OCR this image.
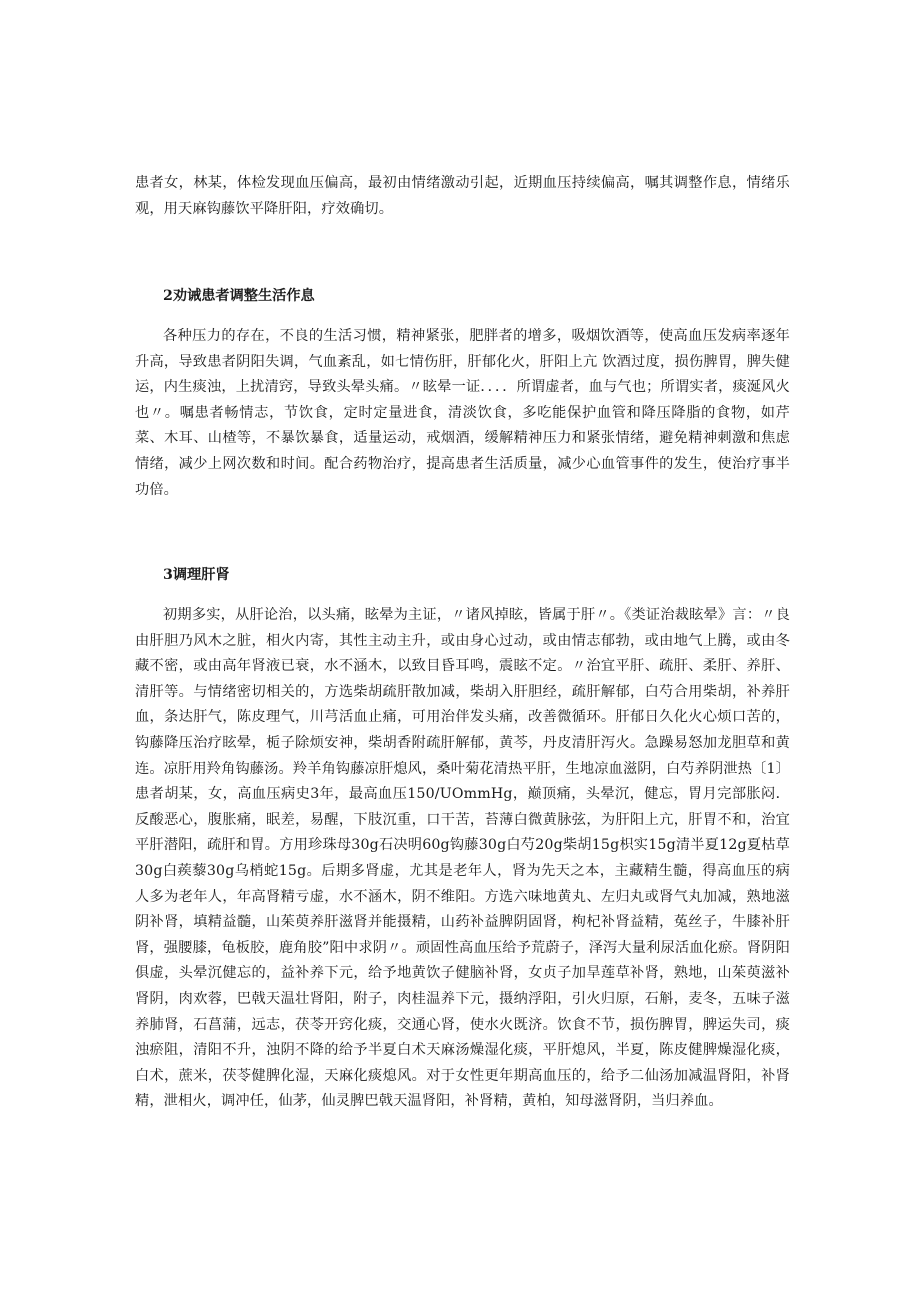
患者女，林某，体检发现血压偏高，最初由情绪激动引起，近期血压持续偏高，嘱其调整作息，情绪乐观，用天麻钩藤饮平降肝阳，疗效确切。

2劝诫患者调整生活作息

各种压力的存在，不良的生活习惯，精神紧张，肥胖者的增多，吸烟饮酒等，使高血压发病率逐年升高，导致患者阴阳失调，气血紊乱，如七情伤肝，肝郁化火，肝阳上亢 饮酒过度，损伤脾胃，脾失健运，内生痰浊，上扰清窍，导致头晕头痛。〃眩晕一证．．．．所谓虚者，血与气也；所谓实者，痰涎风火也〃。嘱患者畅情志，节饮食，定时定量进食，清淡饮食，多吃能保护血管和降压降脂的食物，如芹菜、木耳、山楂等，不暴饮暴食，适量运动，戒烟酒，缓解精神压力和紧张情绪，避免精神刺激和焦虑情绪，减少上网次数和时间。配合药物治疗，提高患者生活质量，减少心血管事件的发生，使治疗事半功倍。

3调理肝肾

初期多实，从肝论治，以头痛，眩晕为主证，〃诸风掉眩，皆属于肝〃。《类证治裁眩晕》言：〃良由肝胆乃风木之脏，相火内寄，其性主动主升，或由身心过动，或由情志郁勃，或由地气上腾，或由冬藏不密，或由高年肾液已衰，水不涵木，以致目昏耳鸣，震眩不定。〃治宜平肝、疏肝、柔肝、养肝、清肝等。与情绪密切相关的，方选柴胡疏肝散加减，柴胡入肝胆经，疏肝解郁，白芍合用柴胡，补养肝血，条达肝气，陈皮理气，川芎活血止痛，可用治伴发头痛，改善微循环。肝郁日久化火心烦口苦的，钩藤降压治疗眩晕，栀子除烦安神，柴胡香附疏肝解郁，黄芩，丹皮清肝泻火。急躁易怒加龙胆草和黄连。凉肝用羚角钩藤汤。羚羊角钩藤凉肝熄风，桑叶菊花清热平肝，生地凉血滋阴，白芍养阴泄热〔1〕患者胡某，女，高血压病史3年，最高血压150/UOmmHg，巅顶痛，头晕沉，健忘，胃月完部胀闷．反酸恶心，腹胀痛，眠差，易醒，下肢沉重，口干苦，苔薄白微黄脉弦，为肝阳上亢，肝胃不和，治宜平肝潜阳，疏肝和胃。方用珍珠母30g石决明60g钩藤30g白芍20g柴胡15g枳实15g清半夏12g夏枯草30g白蒺藜30g乌梢蛇15g。后期多肾虚，尤其是老年人，肾为先天之本，主藏精生髓，得高血压的病人多为老年人，年高肾精亏虚，水不涵木，阴不维阳。方选六味地黄丸、左归丸或肾气丸加减，熟地滋阴补肾，填精益髓，山茱萸养肝滋肾并能摄精，山药补益脾阴固肾，枸杞补肾益精，菟丝子，牛膝补肝肾，强腰膝，龟板胶，鹿角胶”阳中求阴〃。顽固性高血压给予荒蔚子，泽泻大量利尿活血化瘀。肾阴阳俱虚，头晕沉健忘的，益补养下元，给予地黄饮子健脑补肾，女贞子加旱莲草补肾，熟地，山茱萸滋补肾阴，肉欢蓉，巴戟天温壮肾阳，附子，肉桂温养下元，摄纳浮阳，引火归原，石斛，麦冬，五味子滋养肺肾，石菖蒲，远志，茯苓开窍化痰，交通心肾，使水火既济。饮食不节，损伤脾胃，脾运失司，痰浊瘀阻，清阳不升，浊阴不降的给予半夏白术天麻汤燥湿化痰，平肝熄风，半夏，陈皮健脾燥湿化痰，白术，蔗米，茯苓健脾化湿，天麻化痰熄风。对于女性更年期高血压的，给予二仙汤加减温肾阳，补肾精，泄相火，调冲任，仙茅，仙灵脾巴戟天温肾阳，补肾精，黄柏，知母滋肾阴，当归养血。
